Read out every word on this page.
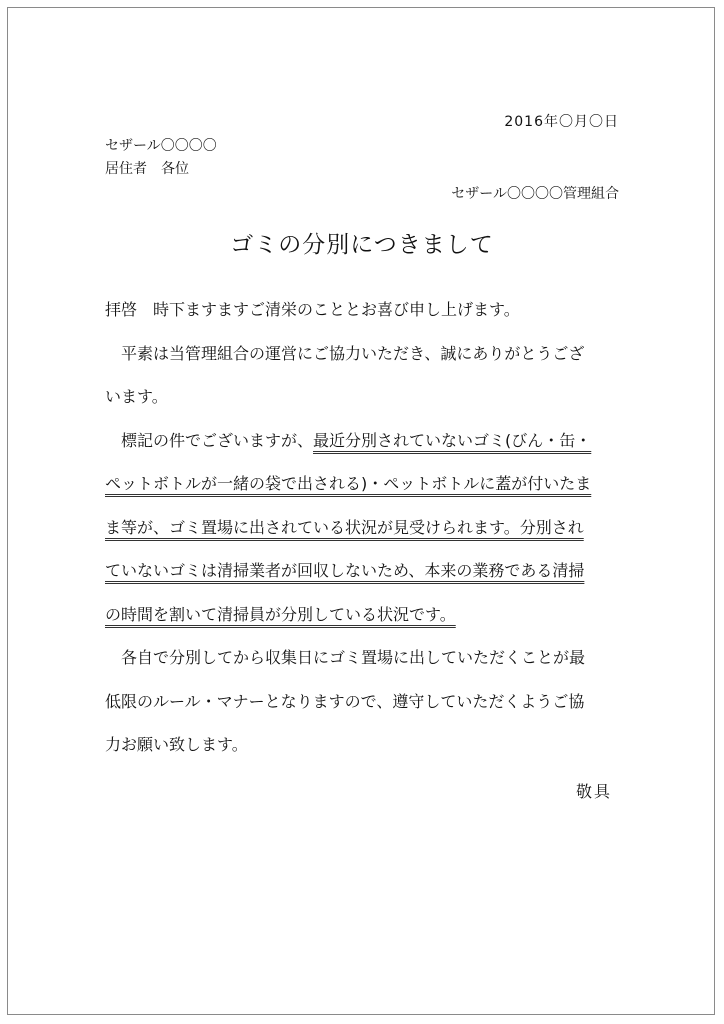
2016年〇月〇日
セザール〇〇〇〇
居住者　各位
セザール〇〇〇〇管理組合
ゴミの分別につきまして
拝啓　時下ますますご清栄のこととお喜び申し上げます。
　平素は当管理組合の運営にご協力いただき、誠にありがとうござ
います。
　標記の件でございますが、最近分別されていないゴミ(びん・缶・
ペットボトルが一緒の袋で出される)・ペットボトルに蓋が付いたま
ま等が、ゴミ置場に出されている状況が見受けられます。分別され
ていないゴミは清掃業者が回収しないため、本来の業務である清掃
の時間を割いて清掃員が分別している状況です。
　各自で分別してから収集日にゴミ置場に出していただくことが最
低限のルール・マナーとなりますので、遵守していただくようご協
力お願い致します。
敬具
